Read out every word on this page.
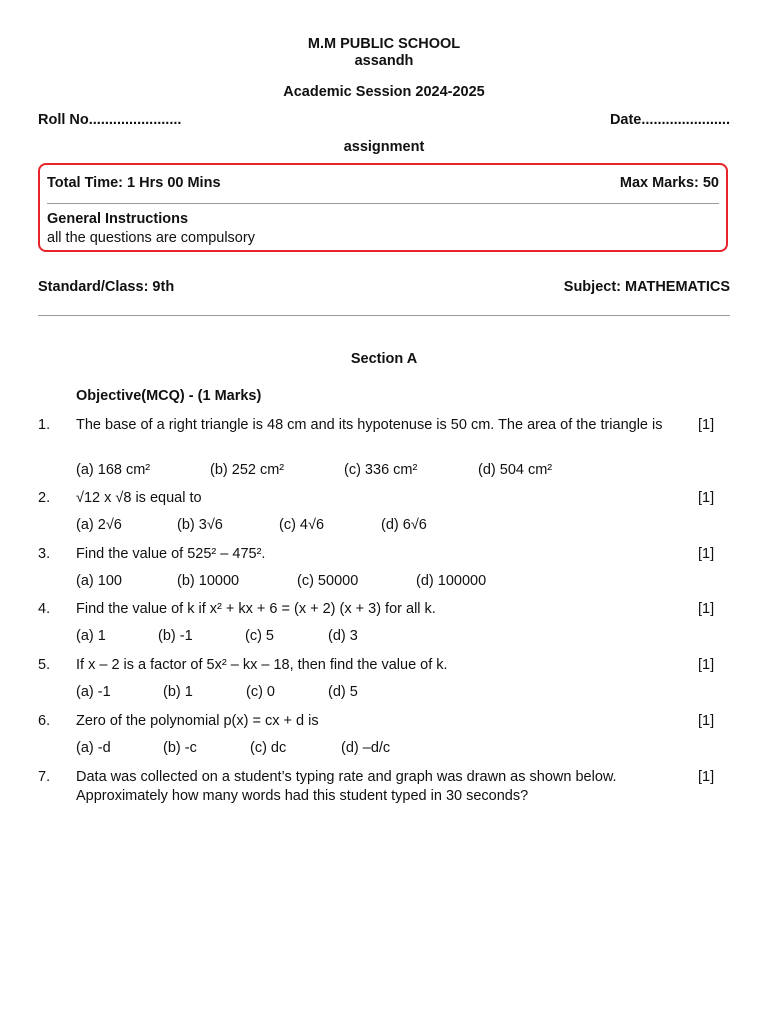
M.M PUBLIC SCHOOL
assandh
Academic Session 2024-2025
Roll No.......................	Date......................
assignment
Total Time: 1 Hrs 00 Mins	Max Marks: 50
General Instructions
all the questions are compulsory
Standard/Class: 9th	Subject: MATHEMATICS
Section A
Objective(MCQ) - (1 Marks)
1. The base of a right triangle is 48 cm and its hypotenuse is 50 cm. The area of the triangle is	[1]
(a) 168 cm²	(b) 252 cm²	(c) 336 cm²	(d) 504 cm²
2. √12 x √8 is equal to	[1]
(a) 2√6	(b) 3√6	(c) 4√6	(d) 6√6
3. Find the value of 525² – 475².	[1]
(a) 100	(b) 10000	(c) 50000	(d) 100000
4. Find the value of k if x² + kx + 6 = (x + 2) (x + 3) for all k.	[1]
(a) 1	(b) -1	(c) 5	(d) 3
5. If x – 2 is a factor of 5x² – kx – 18, then find the value of k.	[1]
(a) -1	(b) 1	(c) 0	(d) 5
6. Zero of the polynomial p(x) = cx + d is	[1]
(a) -d	(b) -c	(c) dc	(d) –d/c
7. Data was collected on a student’s typing rate and graph was drawn as shown below. Approximately how many words had this student typed in 30 seconds?
[1]
